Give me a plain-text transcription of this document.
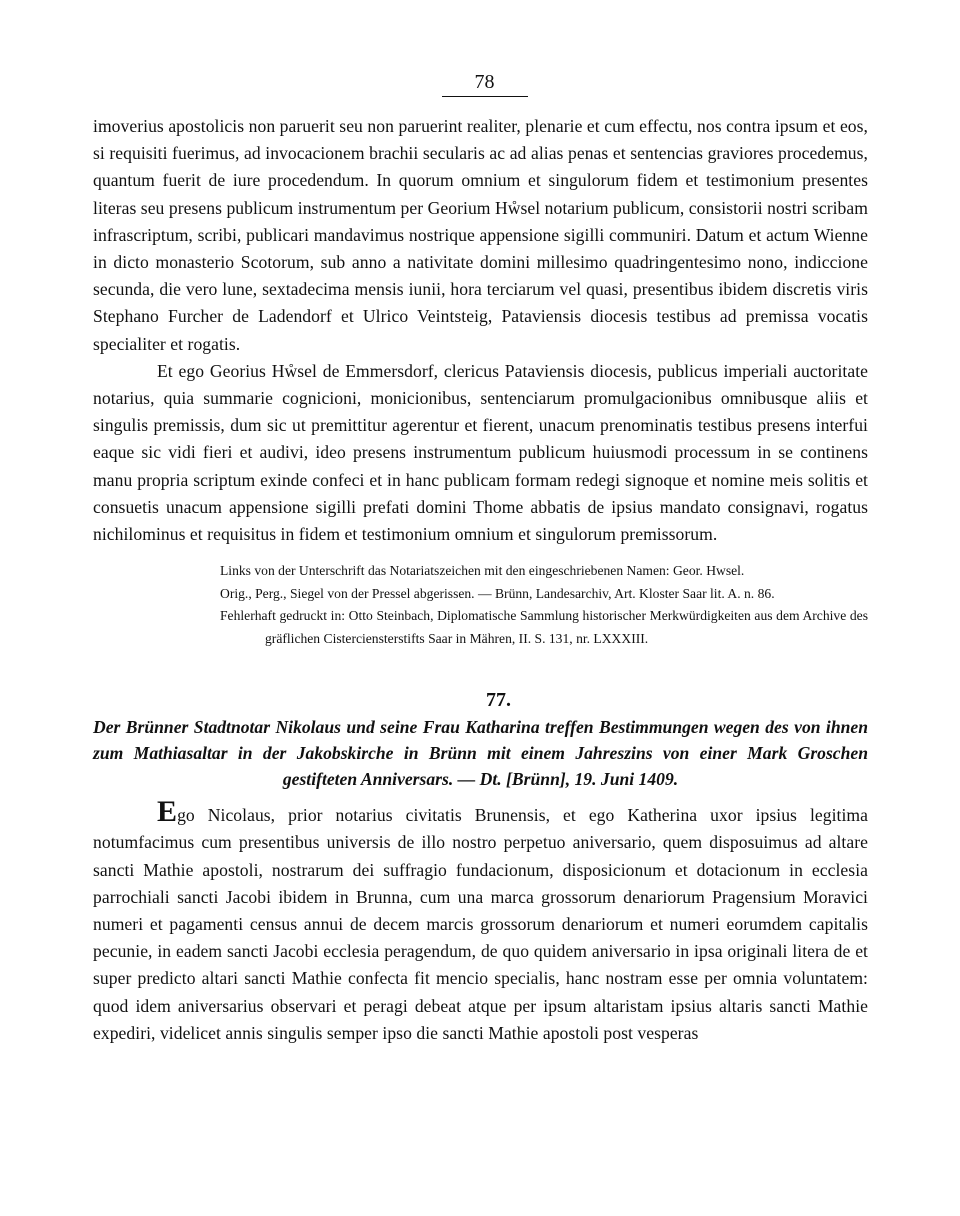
78

imoverius apostolicis non paruerit seu non paruerint realiter, plenarie et cum effectu, nos contra ipsum et eos, si requisiti fuerimus, ad invocacionem brachii secularis ac ad alias penas et sentencias graviores procedemus, quantum fuerit de iure procedendum. In quorum omnium et singulorum fidem et testimonium presentes literas seu presens publicum instrumentum per Georium Hẘsel notarium publicum, consistorii nostri scribam infrascriptum, scribi, publicari mandavimus nostrique appensione sigilli communiri. Datum et actum Wienne in dicto monasterio Scotorum, sub anno a nativitate domini millesimo quadringentesimo nono, indiccione secunda, die vero lune, sextadecima mensis iunii, hora terciarum vel quasi, presentibus ibidem discretis viris Stephano Furcher de Ladendorf et Ulrico Veintsteig, Pataviensis diocesis testibus ad premissa vocatis specialiter et rogatis.

Et ego Georius Hẘsel de Emmersdorf, clericus Pataviensis diocesis, publicus imperiali auctoritate notarius, quia summarie cognicioni, monicionibus, sentenciarum promulgacionibus omnibusque aliis et singulis premissis, dum sic ut premittitur agerentur et fierent, unacum prenominatis testibus presens interfui eaque sic vidi fieri et audivi, ideo presens instrumentum publicum huiusmodi processum in se continens manu propria scriptum exinde confeci et in hanc publicam formam redegi signoque et nomine meis solitis et consuetis unacum appensione sigilli prefati domini Thome abbatis de ipsius mandato consignavi, rogatus nichilominus et requisitus in fidem et testimonium omnium et singulorum premissorum.

Links von der Unterschrift das Notariatszeichen mit den eingeschriebenen Namen: Geor. Hwsel.

Orig., Perg., Siegel von der Pressel abgerissen. — Brünn, Landesarchiv, Art. Kloster Saar lit. A. n. 86.

Fehlerhaft gedruckt in: Otto Steinbach, Diplomatische Sammlung historischer Merkwürdigkeiten aus dem Archive des gräflichen Cisterciensterstifts Saar in Mähren, II. S. 131, nr. LXXXIII.

77.

Der Brünner Stadtnotar Nikolaus und seine Frau Katharina treffen Bestimmungen wegen des von ihnen zum Mathiasaltar in der Jakobskirche in Brünn mit einem Jahreszins von einer Mark Groschen gestifteten Anniversars. — Dt. [Brünn], 19. Juni 1409.

Ego Nicolaus, prior notarius civitatis Brunensis, et ego Katherina uxor ipsius legitima notumfacimus cum presentibus universis de illo nostro perpetuo aniversario, quem disposuimus ad altare sancti Mathie apostoli, nostrarum dei suffragio fundacionum, disposicionum et dotacionum in ecclesia parrochiali sancti Jacobi ibidem in Brunna, cum una marca grossorum denariorum Pragensium Moravici numeri et pagamenti census annui de decem marcis grossorum denariorum et numeri eorumdem capitalis pecunie, in eadem sancti Jacobi ecclesia peragendum, de quo quidem aniversario in ipsa originali litera de et super predicto altari sancti Mathie confecta fit mencio specialis, hanc nostram esse per omnia voluntatem: quod idem aniversarius observari et peragi debeat atque per ipsum altaristam ipsius altaris sancti Mathie expediri, videlicet annis singulis semper ipso die sancti Mathie apostoli post vesperas
